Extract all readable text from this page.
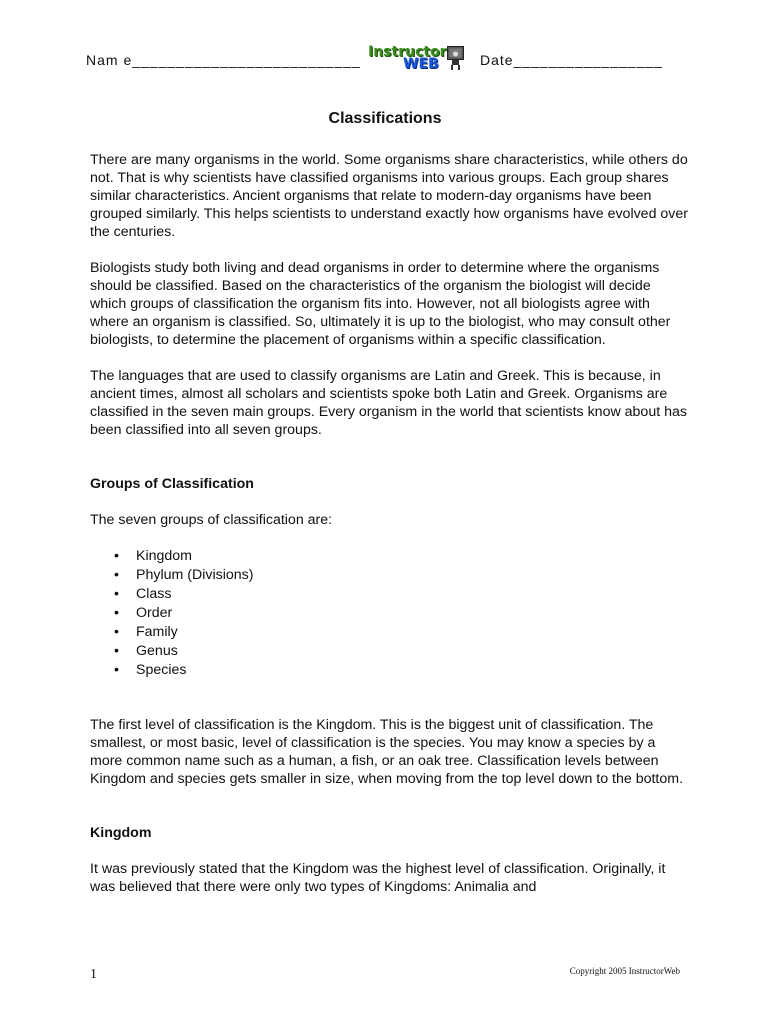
Nam e__________________________ Instructor
WEB	Date_________________
Classifications

There are many organisms in the world. Some organisms share characteristics, while others do not. That is why scientists have classified organisms into various groups. Each group shares similar characteristics. Ancient organisms that relate to modern-day organisms have been grouped similarly. This helps scientists to understand exactly how organisms have evolved over the centuries.

Biologists study both living and dead organisms in order to determine where the organisms should be classified. Based on the characteristics of the organism the biologist will decide which groups of classification the organism fits into. However, not all biologists agree with where an organism is classified. So, ultimately it is up to the biologist, who may consult other biologists, to determine the placement of organisms within a specific classification.

The languages that are used to classify organisms are Latin and Greek. This is because, in ancient times, almost all scholars and scientists spoke both Latin and Greek. Organisms are classified in the seven main groups. Every organism in the world that scientists know about has been classified into all seven groups.

Groups of Classification

The seven groups of classification are:

• Kingdom
• Phylum (Divisions)
• Class
• Order
• Family
• Genus
• Species

The first level of classification is the Kingdom. This is the biggest unit of classification. The smallest, or most basic, level of classification is the species. You may know a species by a more common name such as a human, a fish, or an oak tree. Classification levels between Kingdom and species gets smaller in size, when moving from the top level down to the bottom.

Kingdom

It was previously stated that the Kingdom was the highest level of classification. Originally, it was believed that there were only two types of Kingdoms: Animalia and

1	Copyright 2005 InstructorWeb
